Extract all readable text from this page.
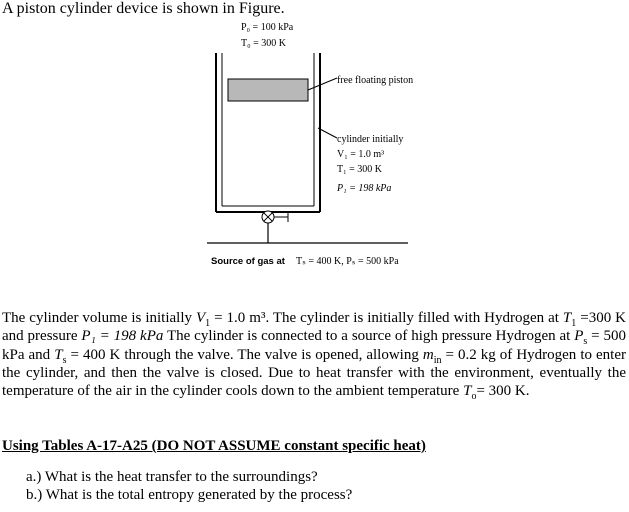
A piston cylinder device is shown in Figure.
P₀ = 100 kPa
T₀ = 300 K
free floating piston
cylinder initially
V₁ = 1.0 m³
T₁ = 300 K
P₁ = 198 kPa
Source of gas at Tₛ = 400 K, Pₛ = 500 kPa
The cylinder volume is initially $V_1 = 1.0$ m³. The cylinder is initially filled with Hydrogen at $T_1 =300$ K and pressure P₁ = 198 kPa The cylinder is connected to a source of high pressure Hydrogen at $P_s = 500$ kPa and $T_s = 400$ K through the valve. The valve is opened, allowing $m_{in} = 0.2$ kg of Hydrogen to enter the cylinder, and then the valve is closed. Due to heat transfer with the environment, eventually the temperature of the air in the cylinder cools down to the ambient temperature $T_o= 300$ K.
Using Tables A-17-A25 (DO NOT ASSUME constant specific heat)
a.) What is the heat transfer to the surroundings?
b.) What is the total entropy generated by the process?
